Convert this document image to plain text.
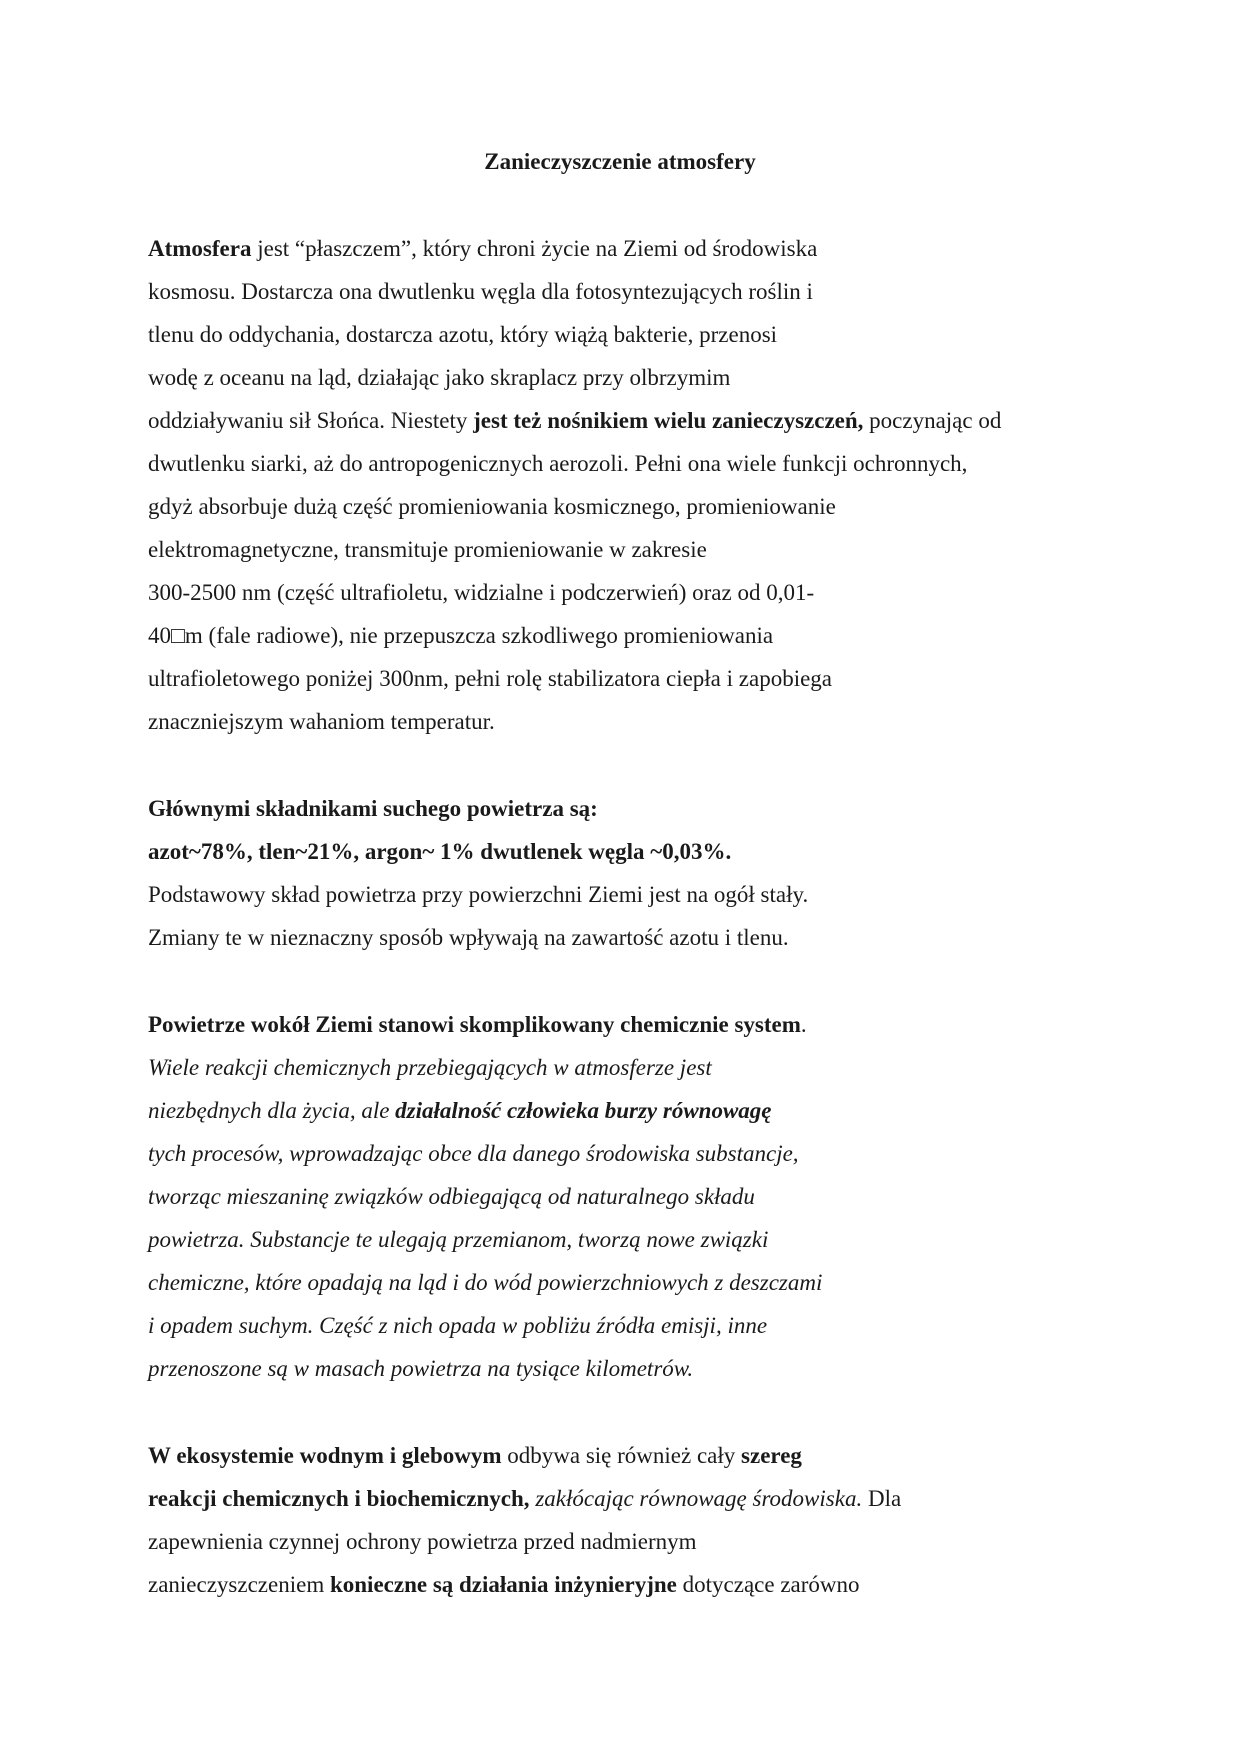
Zanieczyszczenie atmosfery
Atmosfera jest “płaszczem”, który chroni życie na Ziemi od środowiska
kosmosu. Dostarcza ona dwutlenku węgla dla fotosyntezujących roślin i
tlenu do oddychania, dostarcza azotu, który wiążą bakterie, przenosi
wodę z oceanu na ląd, działając jako skraplacz przy olbrzymim
oddziaływaniu sił Słońca. Niestety jest też nośnikiem wielu zanieczyszczeń, poczynając od
dwutlenku siarki, aż do antropogenicznych aerozoli. Pełni ona wiele funkcji ochronnych,
gdyż absorbuje dużą część promieniowania kosmicznego, promieniowanie
elektromagnetyczne, transmituje promieniowanie w zakresie
300-2500 nm (część ultrafioletu, widzialne i podczerwień) oraz od 0,01-
40□m (fale radiowe), nie przepuszcza szkodliwego promieniowania
ultrafioletowego poniżej 300nm, pełni rolę stabilizatora ciepła i zapobiega
znaczniejszym wahaniom temperatur.
Głównymi składnikami suchego powietrza są:
azot~78%, tlen~21%, argon~ 1% dwutlenek węgla ~0,03%.
Podstawowy skład powietrza przy powierzchni Ziemi jest na ogół stały.
Zmiany te w nieznaczny sposób wpływają na zawartość azotu i tlenu.
Powietrze wokół Ziemi stanowi skomplikowany chemicznie system.
Wiele reakcji chemicznych przebiegających w atmosferze jest
niezbędnych dla życia, ale działalność człowieka burzy równowagę
tych procesów, wprowadzając obce dla danego środowiska substancje,
tworząc mieszaninę związków odbiegającą od naturalnego składu
powietrza. Substancje te ulegają przemianom, tworzą nowe związki
chemiczne, które opadają na ląd i do wód powierzchniowych z deszczami
i opadem suchym. Część z nich opada w pobliżu źródła emisji, inne
przenoszone są w masach powietrza na tysiące kilometrów.
W ekosystemie wodnym i glebowym odbywa się również cały szereg
reakcji chemicznych i biochemicznych, zakłócając równowagę środowiska. Dla
zapewnienia czynnej ochrony powietrza przed nadmiernym
zanieczyszczeniem konieczne są działania inżynieryjne dotyczące zarówno
